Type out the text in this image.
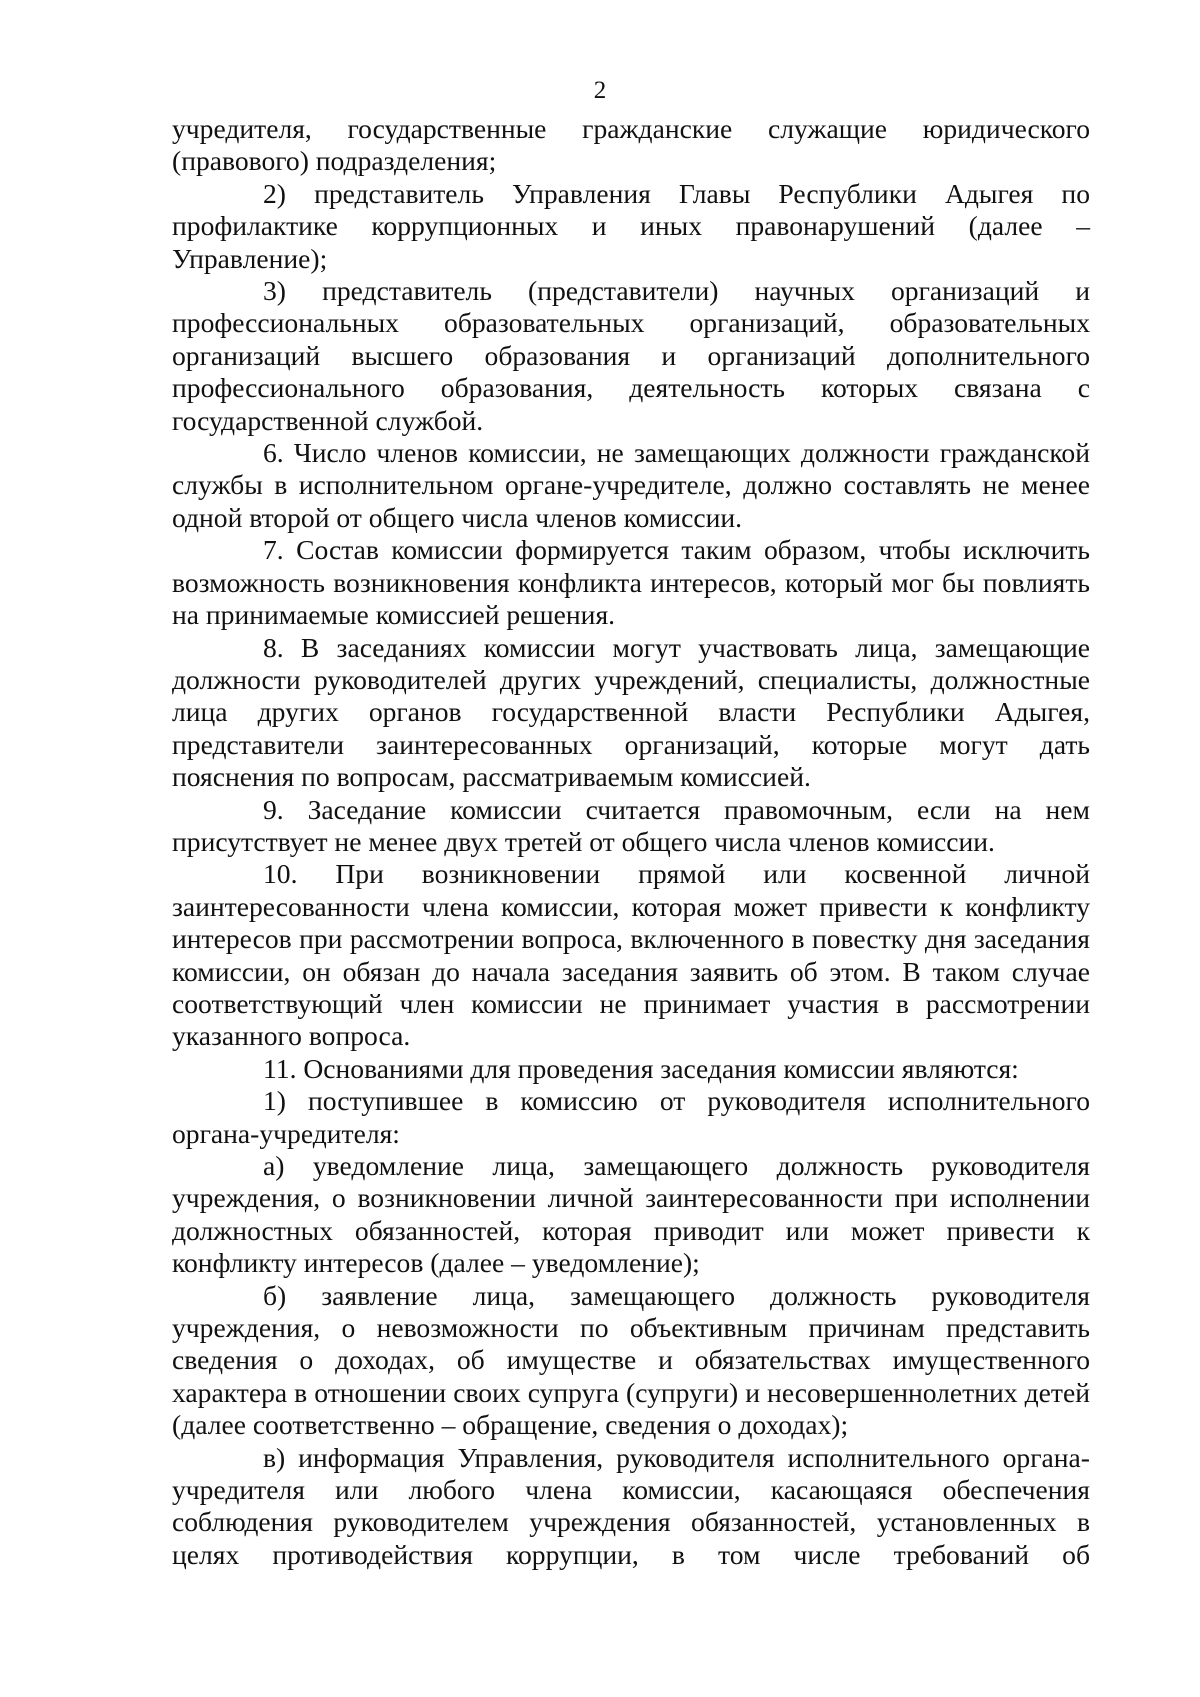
2

учредителя, государственные гражданские служащие юридического (правового) подразделения;

2) представитель Управления Главы Республики Адыгея по профилактике коррупционных и иных правонарушений (далее – Управление);

3) представитель (представители) научных организаций и профессиональных образовательных организаций, образовательных организаций высшего образования и организаций дополнительного профессионального образования, деятельность которых связана с государственной службой.

6. Число членов комиссии, не замещающих должности гражданской службы в исполнительном органе-учредителе, должно составлять не менее одной второй от общего числа членов комиссии.

7. Состав комиссии формируется таким образом, чтобы исключить возможность возникновения конфликта интересов, который мог бы повлиять на принимаемые комиссией решения.

8. В заседаниях комиссии могут участвовать лица, замещающие должности руководителей других учреждений, специалисты, должностные лица других органов государственной власти Республики Адыгея, представители заинтересованных организаций, которые могут дать пояснения по вопросам, рассматриваемым комиссией.

9. Заседание комиссии считается правомочным, если на нем присутствует не менее двух третей от общего числа членов комиссии.

10. При возникновении прямой или косвенной личной заинтересованности члена комиссии, которая может привести к конфликту интересов при рассмотрении вопроса, включенного в повестку дня заседания комиссии, он обязан до начала заседания заявить об этом. В таком случае соответствующий член комиссии не принимает участия в рассмотрении указанного вопроса.

11. Основаниями для проведения заседания комиссии являются:

1) поступившее в комиссию от руководителя исполнительного органа-учредителя:

а) уведомление лица, замещающего должность руководителя учреждения, о возникновении личной заинтересованности при исполнении должностных обязанностей, которая приводит или может привести к конфликту интересов (далее – уведомление);

б) заявление лица, замещающего должность руководителя учреждения, о невозможности по объективным причинам представить сведения о доходах, об имуществе и обязательствах имущественного характера в отношении своих супруга (супруги) и несовершеннолетних детей (далее соответственно – обращение, сведения о доходах);

в) информация Управления, руководителя исполнительного органа-учредителя или любого члена комиссии, касающаяся обеспечения соблюдения руководителем учреждения обязанностей, установленных в целях противодействия коррупции, в том числе требований об
